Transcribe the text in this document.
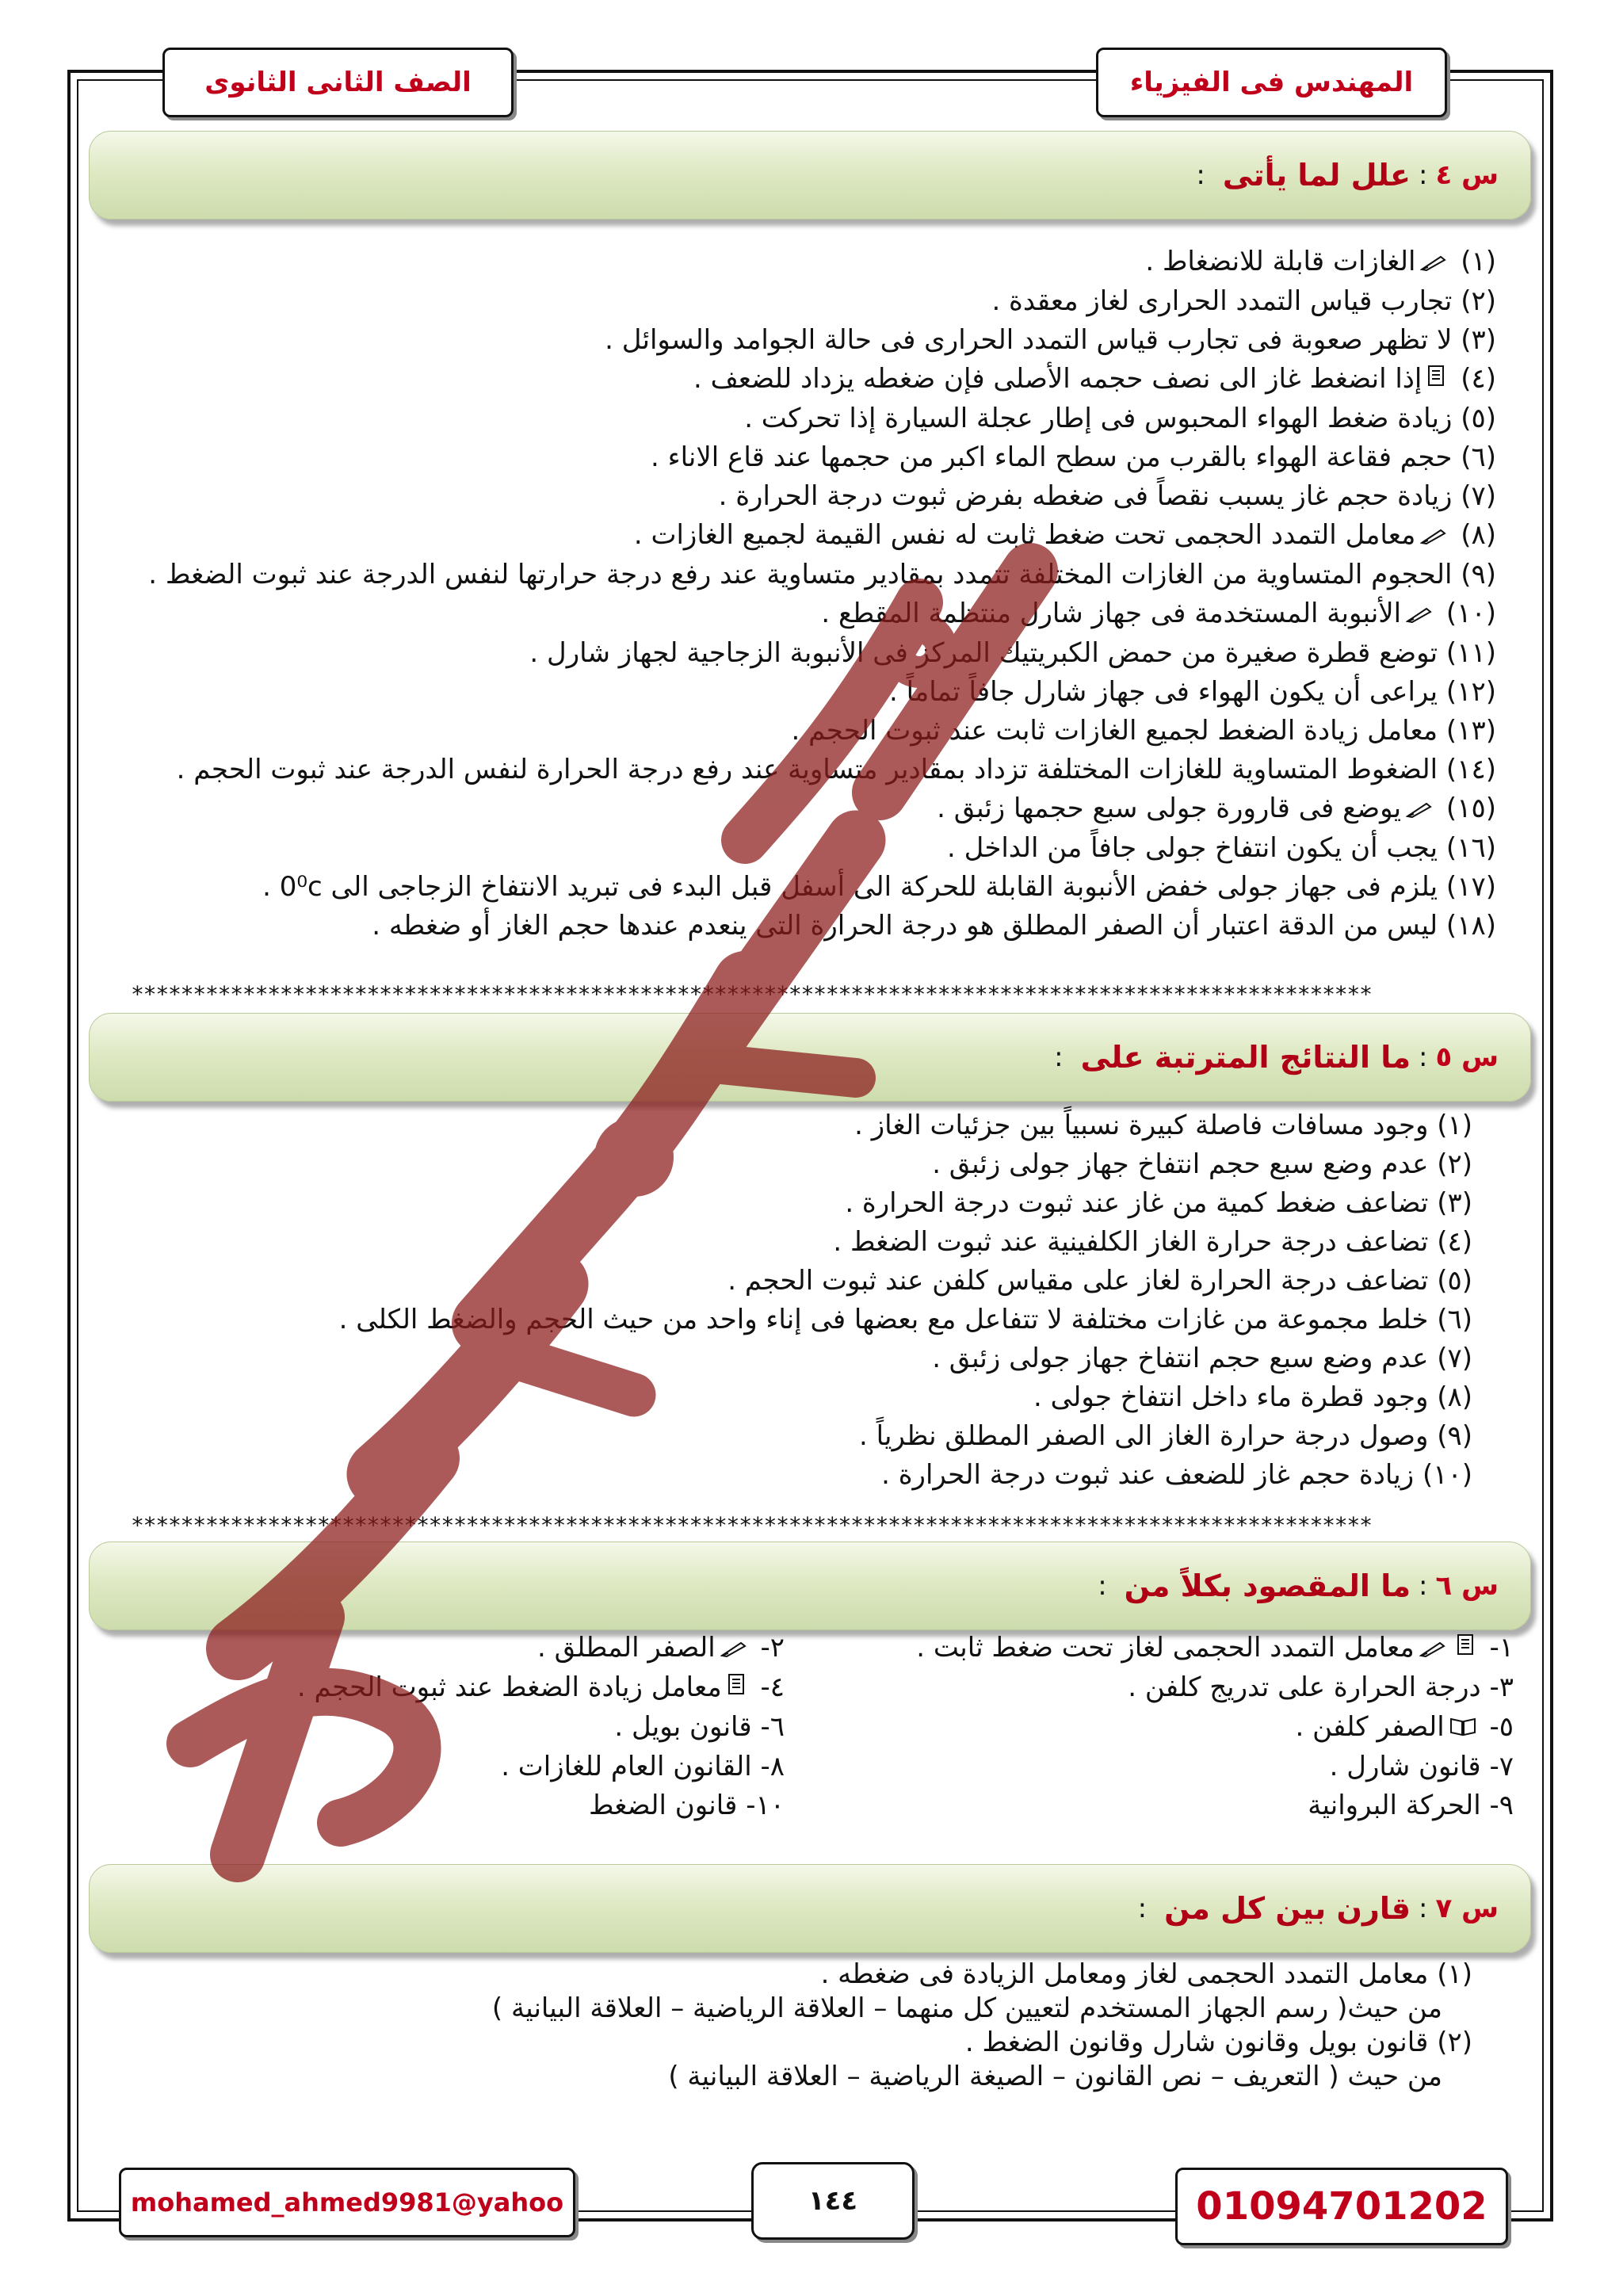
المهندس فى الفيزياء
الصف الثانى الثانوى
س ٤
:
علل لما يأتى
:
(١) الغازات قابلة للانضغاط .
(٢) تجارب قياس التمدد الحرارى لغاز معقدة .
(٣) لا تظهر صعوبة فى تجارب قياس التمدد الحرارى فى حالة الجوامد والسوائل .
(٤) إذا انضغط غاز الى نصف حجمه الأصلى فإن ضغطه يزداد للضعف .
(٥) زيادة ضغط الهواء المحبوس فى إطار عجلة السيارة إذا تحركت .
(٦) حجم فقاعة الهواء بالقرب من سطح الماء اكبر من حجمها عند قاع الاناء .
(٧) زيادة حجم غاز يسبب نقصاً فى ضغطه بفرض ثبوت درجة الحرارة .
(٨) معامل التمدد الحجمى تحت ضغط ثابت له نفس القيمة لجميع الغازات .
(٩) الحجوم المتساوية من الغازات المختلفة تتمدد بمقادير متساوية عند رفع درجة حرارتها لنفس الدرجة عند ثبوت الضغط .
(١٠) الأنبوبة المستخدمة فى جهاز شارل منتظمة المقطع .
(١١) توضع قطرة صغيرة من حمض الكبريتيك المركز فى الأنبوبة الزجاجية لجهاز شارل .
(١٢) يراعى أن يكون الهواء فى جهاز شارل جافاً تماماً .
(١٣) معامل زيادة الضغط لجميع الغازات ثابت عند ثبوت الحجم .
(١٤) الضغوط المتساوية للغازات المختلفة تزداد بمقادير متساوية عند رفع درجة الحرارة لنفس الدرجة عند ثبوت الحجم .
(١٥) يوضع فى قارورة جولى سبع حجمها زئبق .
(١٦) يجب أن يكون انتفاخ جولى جافاً من الداخل .
(١٧) يلزم فى جهاز جولى خفض الأنبوبة القابلة للحركة الى أسفل قبل البدء فى تبريد الانتفاخ الزجاجى الى 0⁰c .
(١٨) ليس من الدقة اعتبار أن الصفر المطلق هو درجة الحرارة التى ينعدم عندها حجم الغاز أو ضغطه .
****************************************************************************************************
س ٥
:
ما النتائج المترتبة على
:
(١) وجود مسافات فاصلة كبيرة نسبياً بين جزئيات الغاز .
(٢) عدم وضع سبع حجم انتفاخ جهاز جولى زئبق .
(٣) تضاعف ضغط كمية من غاز عند ثبوت درجة الحرارة .
(٤) تضاعف درجة حرارة الغاز الكلفينية عند ثبوت الضغط .
(٥) تضاعف درجة الحرارة لغاز على مقياس كلفن عند ثبوت الحجم .
(٦) خلط مجموعة من غازات مختلفة لا تتفاعل مع بعضها فى إناء واحد من حيث الحجم والضغط الكلى .
(٧) عدم وضع سبع حجم انتفاخ جهاز جولى زئبق .
(٨) وجود قطرة ماء داخل انتفاخ جولى .
(٩) وصول درجة حرارة الغاز الى الصفر المطلق نظرياً .
(١٠) زيادة حجم غاز للضعف عند ثبوت درجة الحرارة .
****************************************************************************************************
س ٦
:
ما المقصود بكلاً من
:
١- معامل التمدد الحجمى لغاز تحت ضغط ثابت .
٢- الصفر المطلق .
٣- درجة الحرارة على تدريج كلفن .
٤- معامل زيادة الضغط عند ثبوت الحجم .
٥- الصفر كلفن .
٦- قانون بويل .
٧- قانون شارل .
٨- القانون العام للغازات .
٩- الحركة البروانية
١٠- قانون الضغط
س ٧
:
قارن بين كل من
:
(١) معامل التمدد الحجمى لغاز ومعامل الزيادة فى ضغطه .
من حيث( رسم الجهاز المستخدم لتعيين كل منهما – العلاقة الرياضية – العلاقة البيانية )
(٢) قانون بويل وقانون شارل وقانون الضغط .
من حيث ( التعريف – نص القانون – الصيغة الرياضية – العلاقة البيانية )
mohamed_ahmed9981@yahoo	١٤٤	01094701202
